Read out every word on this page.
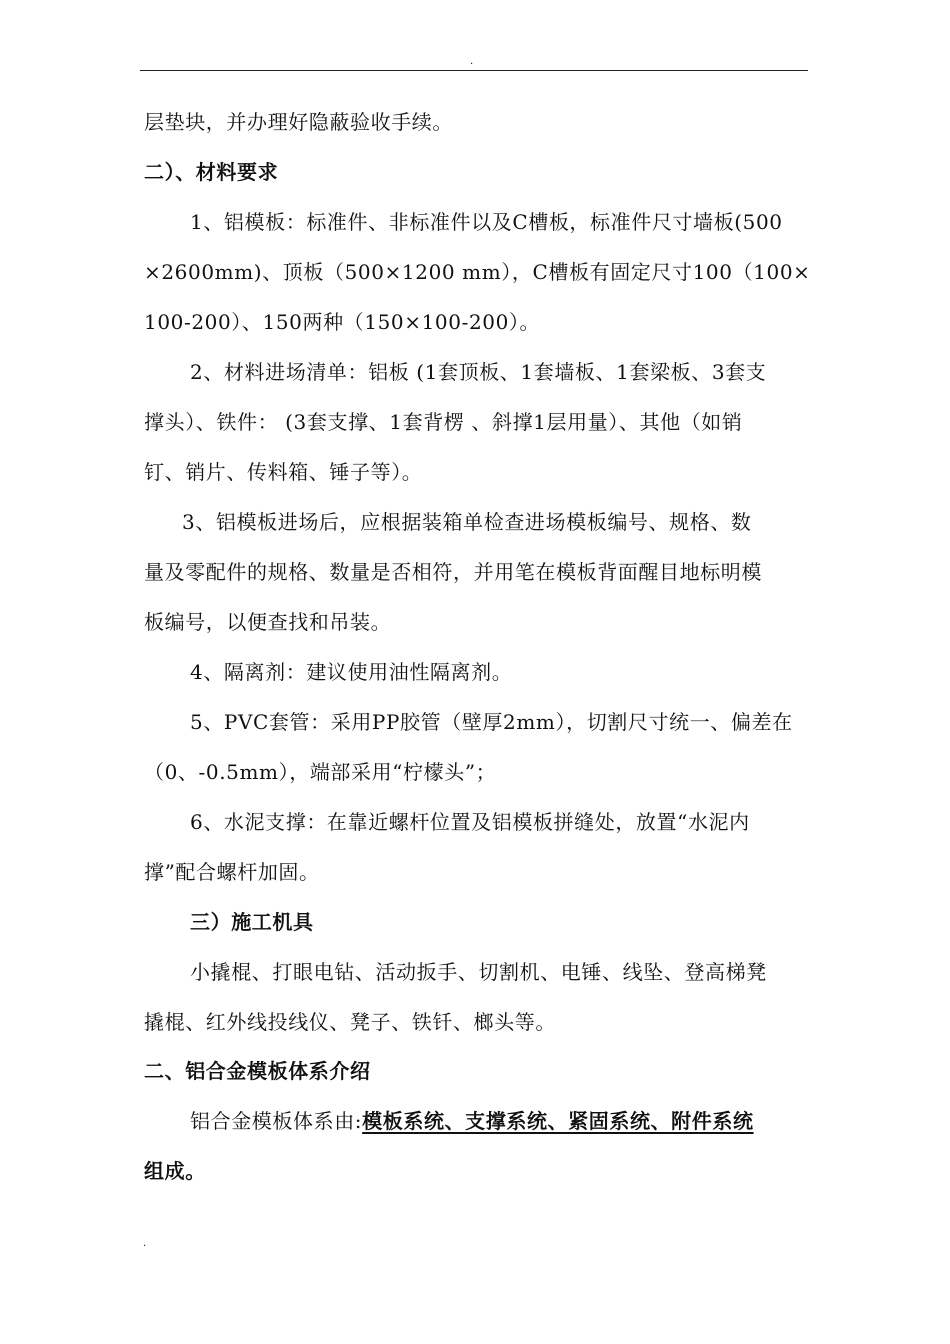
.

层垫块，并办理好隐蔽验收手续。

二）、材料要求

1、铝模板：标准件、非标准件以及C槽板，标准件尺寸墙板(500

×2600mm)、顶板（500×1200 mm），C槽板有固定尺寸100（100×

100-200）、150两种（150×100-200）。

2、材料进场清单：铝板 (1套顶板、1套墙板、1套梁板、3套支

撑头）、铁件： (3套支撑、1套背楞 、斜撑1层用量）、其他（如销

钉、销片、传料箱、锤子等）。

3、铝模板进场后，应根据装箱单检查进场模板编号、规格、数

量及零配件的规格、数量是否相符，并用笔在模板背面醒目地标明模

板编号，以便查找和吊装。

4、隔离剂：建议使用油性隔离剂。

5、PVC套管：采用PP胶管（壁厚2mm），切割尺寸统一、偏差在

（0、-0.5mm），端部采用“柠檬头”；

6、水泥支撑：在靠近螺杆位置及铝模板拼缝处，放置“水泥内

撑”配合螺杆加固。

三）施工机具

小撬棍、打眼电钻、活动扳手、切割机、电锤、线坠、登高梯凳

撬棍、红外线投线仪、凳子、铁钎、榔头等。

二、铝合金模板体系介绍

铝合金模板体系由:模板系统、支撑系统、紧固系统、附件系统

组成。

.
